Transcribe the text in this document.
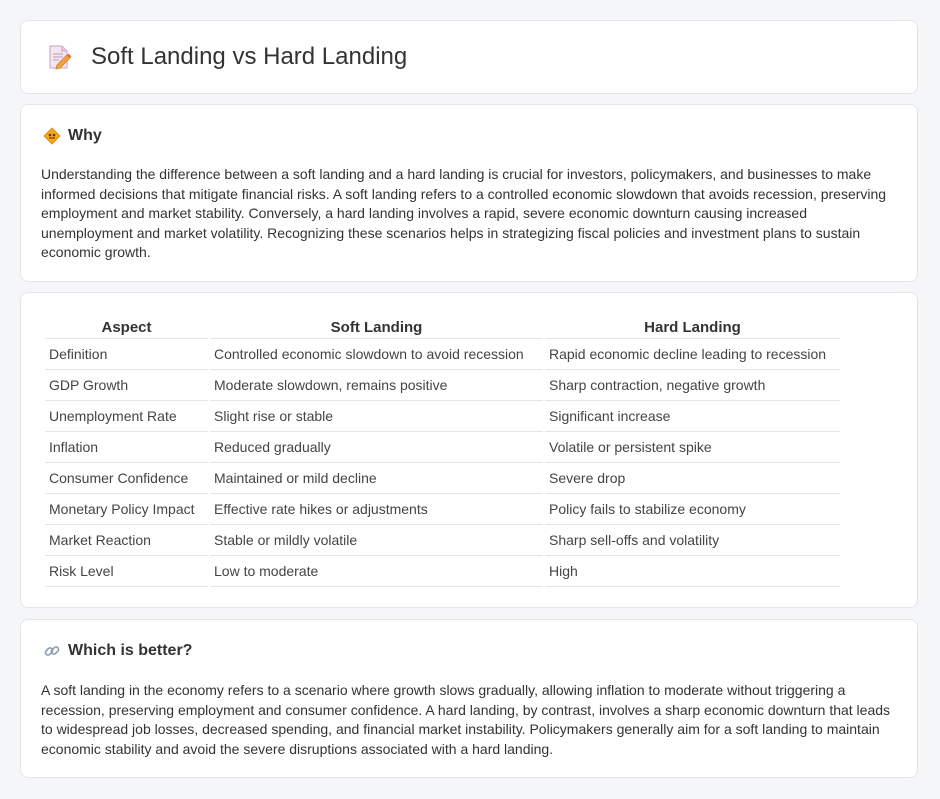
Soft Landing vs Hard Landing
Why

Understanding the difference between a soft landing and a hard landing is crucial for investors, policymakers, and businesses to make informed decisions that mitigate financial risks. A soft landing refers to a controlled economic slowdown that avoids recession, preserving employment and market stability. Conversely, a hard landing involves a rapid, severe economic downturn causing increased unemployment and market volatility. Recognizing these scenarios helps in strategizing fiscal policies and investment plans to sustain economic growth.

Aspect	Soft Landing	Hard Landing
Definition	Controlled economic slowdown to avoid recession	Rapid economic decline leading to recession
GDP Growth	Moderate slowdown, remains positive	Sharp contraction, negative growth
Unemployment Rate	Slight rise or stable	Significant increase
Inflation	Reduced gradually	Volatile or persistent spike
Consumer Confidence	Maintained or mild decline	Severe drop
Monetary Policy Impact	Effective rate hikes or adjustments	Policy fails to stabilize economy
Market Reaction	Stable or mildly volatile	Sharp sell-offs and volatility
Risk Level	Low to moderate	High
Which is better?

A soft landing in the economy refers to a scenario where growth slows gradually, allowing inflation to moderate without triggering a recession, preserving employment and consumer confidence. A hard landing, by contrast, involves a sharp economic downturn that leads to widespread job losses, decreased spending, and financial market instability. Policymakers generally aim for a soft landing to maintain economic stability and avoid the severe disruptions associated with a hard landing.
